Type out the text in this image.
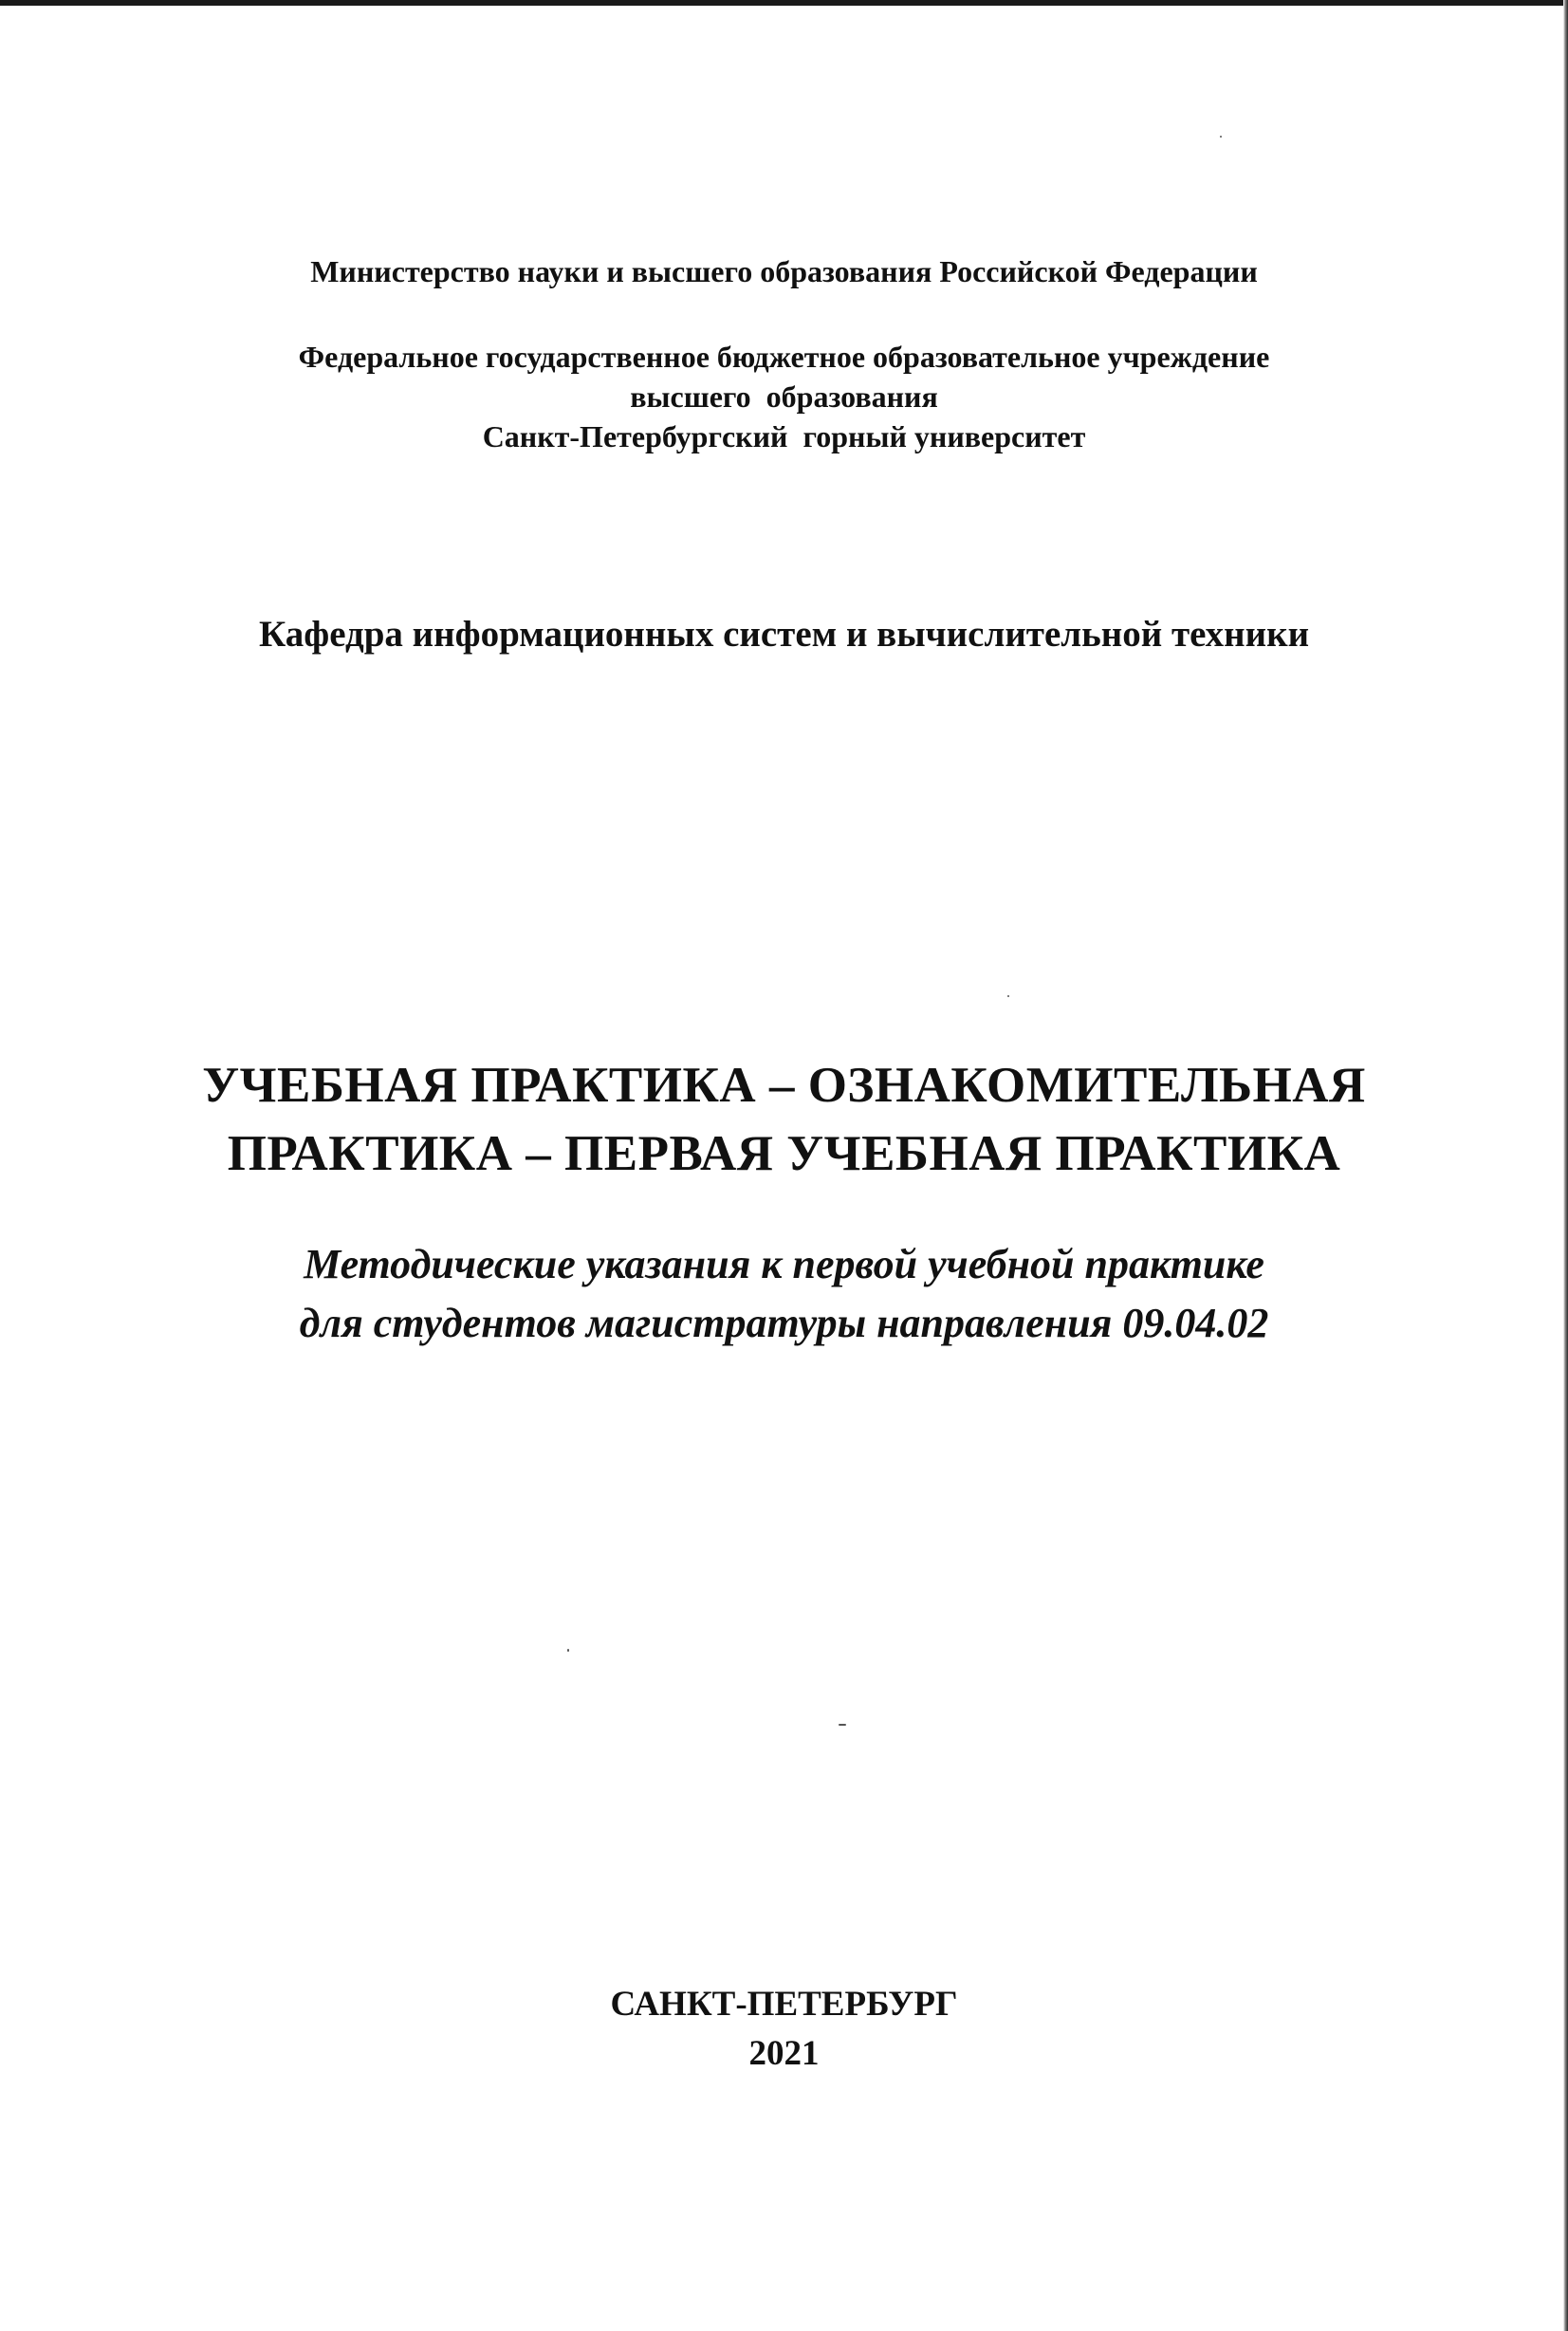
Министерство науки и высшего образования Российской Федерации
Федеральное государственное бюджетное образовательное учреждение
высшего  образования
Санкт-Петербургский  горный университет
Кафедра информационных систем и вычислительной техники
УЧЕБНАЯ ПРАКТИКА – ОЗНАКОМИТЕЛЬНАЯ
ПРАКТИКА – ПЕРВАЯ УЧЕБНАЯ ПРАКТИКА
Методические указания к первой учебной практике
для студентов магистратуры направления 09.04.02
САНКТ-ПЕТЕРБУРГ
2021
